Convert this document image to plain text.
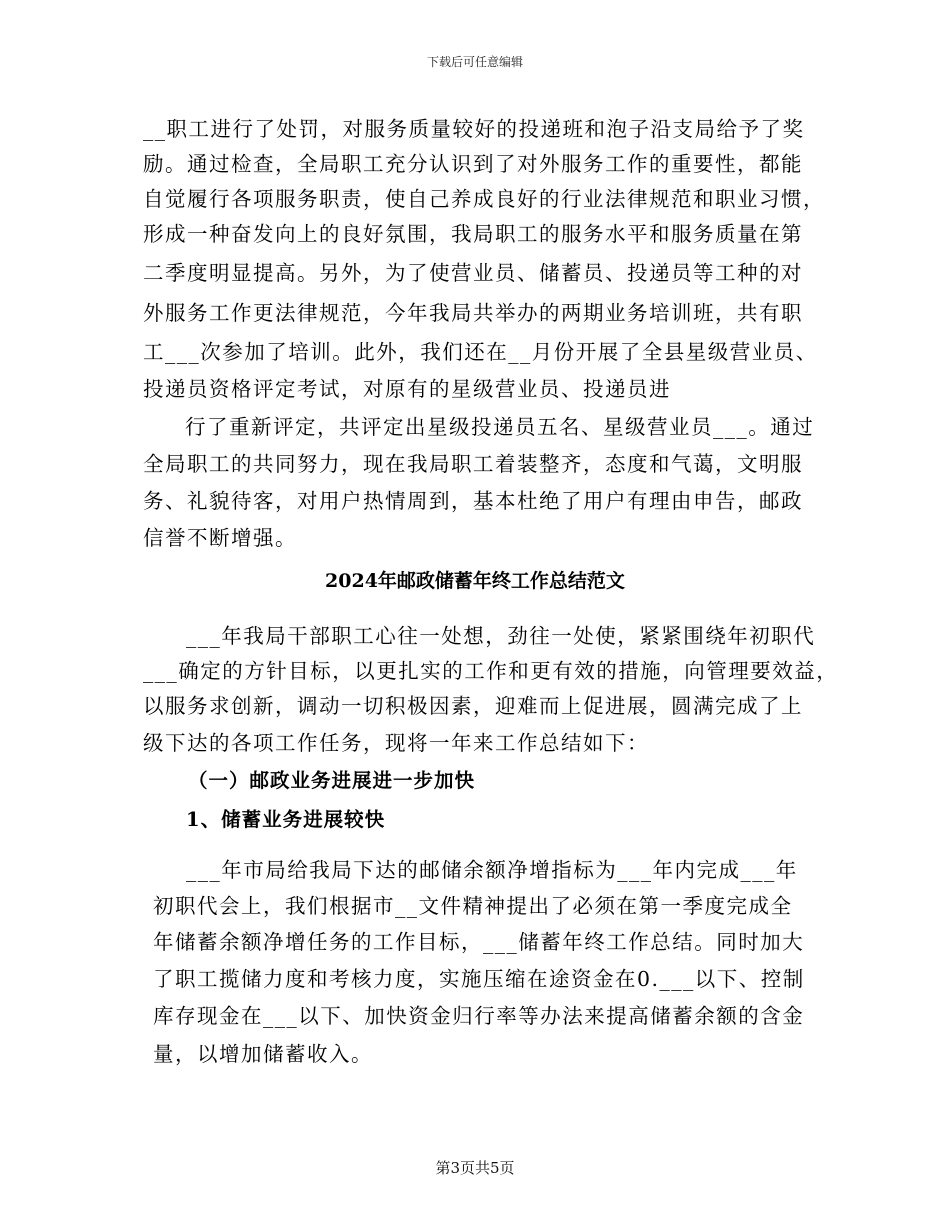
下载后可任意编辑
__职工进行了处罚，对服务质量较好的投递班和泡子沿支局给予了奖
励。通过检查，全局职工充分认识到了对外服务工作的重要性，都能
自觉履行各项服务职责，使自己养成良好的行业法律规范和职业习惯，
形成一种奋发向上的良好氛围，我局职工的服务水平和服务质量在第
二季度明显提高。另外，为了使营业员、储蓄员、投递员等工种的对
外服务工作更法律规范，今年我局共举办的两期业务培训班，共有职
工___次参加了培训。此外，我们还在__月份开展了全县星级营业员、
投递员资格评定考试，对原有的星级营业员、投递员进
行了重新评定，共评定出星级投递员五名、星级营业员___。通过
全局职工的共同努力，现在我局职工着装整齐，态度和气蔼，文明服
务、礼貌待客，对用户热情周到，基本杜绝了用户有理由申告，邮政
信誉不断增强。
2024年邮政储蓄年终工作总结范文
___年我局干部职工心往一处想，劲往一处使，紧紧围绕年初职代
___确定的方针目标，以更扎实的工作和更有效的措施，向管理要效益，
以服务求创新，调动一切积极因素，迎难而上促进展，圆满完成了上
级下达的各项工作任务，现将一年来工作总结如下：
（一）邮政业务进展进一步加快
1、储蓄业务进展较快
___年市局给我局下达的邮储余额净增指标为___年内完成___年
初职代会上，我们根据市__文件精神提出了必须在第一季度完成全
年储蓄余额净增任务的工作目标，___储蓄年终工作总结。同时加大
了职工揽储力度和考核力度，实施压缩在途资金在0.___以下、控制
库存现金在___以下、加快资金归行率等办法来提高储蓄余额的含金
量，以增加储蓄收入。
第3页共5页
